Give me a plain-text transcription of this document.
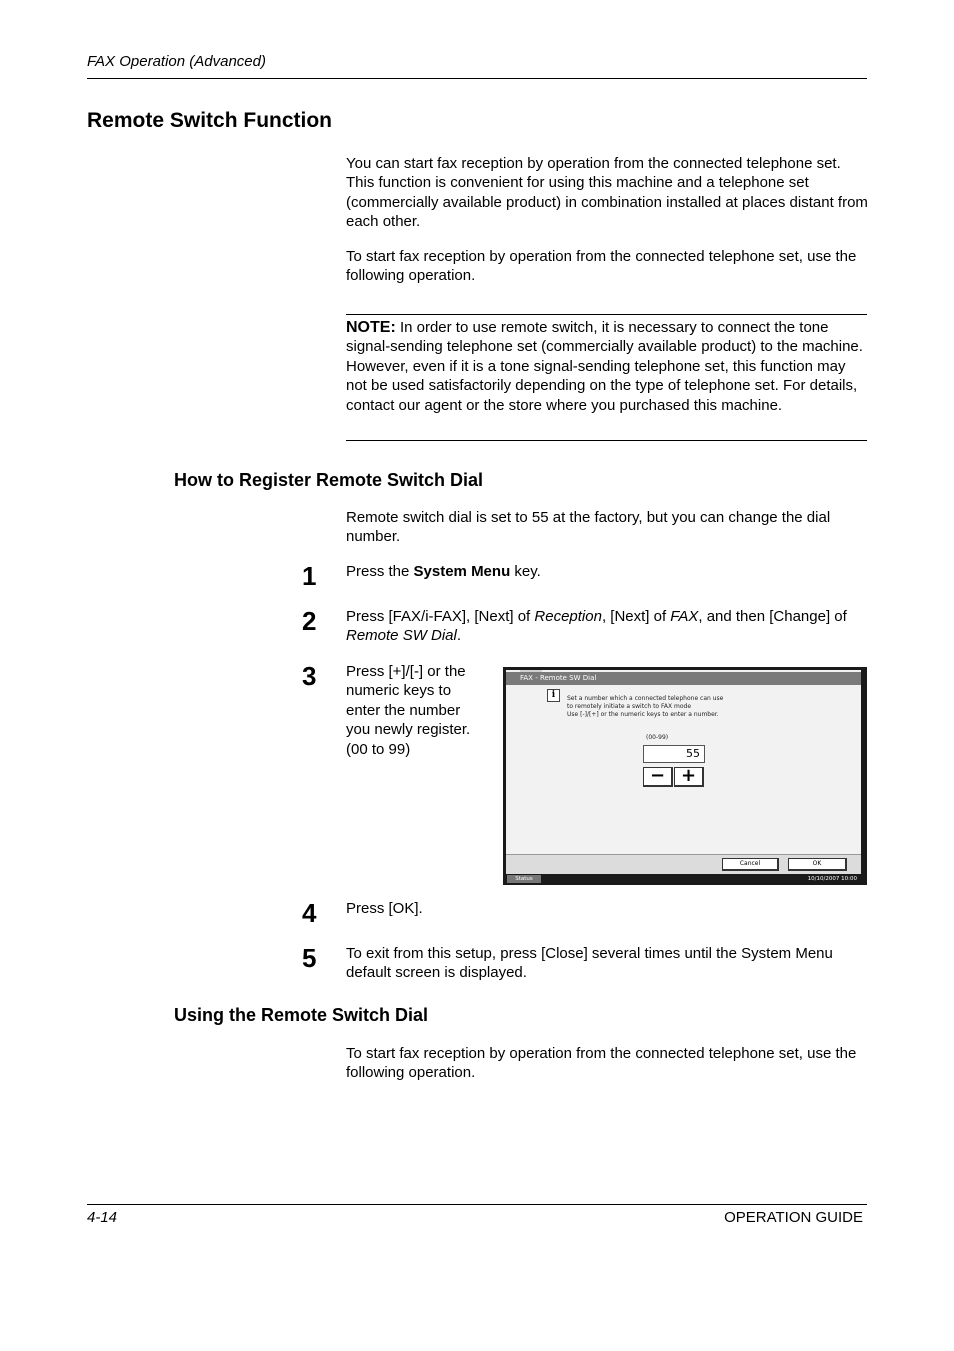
FAX Operation (Advanced)
Remote Switch Function
You can start fax reception by operation from the connected telephone set. This function is convenient for using this machine and a telephone set (commercially available product) in combination installed at places distant from each other.
To start fax reception by operation from the connected telephone set, use the following operation.
NOTE: In order to use remote switch, it is necessary to connect the tone signal-sending telephone set (commercially available product) to the machine. However, even if it is a tone signal-sending telephone set, this function may not be used satisfactorily depending on the type of telephone set. For details, contact our agent or the store where you purchased this machine.
How to Register Remote Switch Dial
Remote switch dial is set to 55 at the factory, but you can change the dial number.
1 Press the System Menu key.
2 Press [FAX/i-FAX], [Next] of Reception, [Next] of FAX, and then [Change] of Remote SW Dial.
3 Press [+]/[-] or the numeric keys to enter the number you newly register. (00 to 99)
FAX - Remote SW Dial
i	Set a number which a connected telephone can use
to remotely initiate a switch to FAX mode
Use [-]/[+] or the numeric keys to enter a number.
(00-99)
55
− +
Cancel	OK
Status	10/10/2007 10:00
4 Press [OK].
5 To exit from this setup, press [Close] several times until the System Menu default screen is displayed.
Using the Remote Switch Dial
To start fax reception by operation from the connected telephone set, use the following operation.
4-14	OPERATION GUIDE
